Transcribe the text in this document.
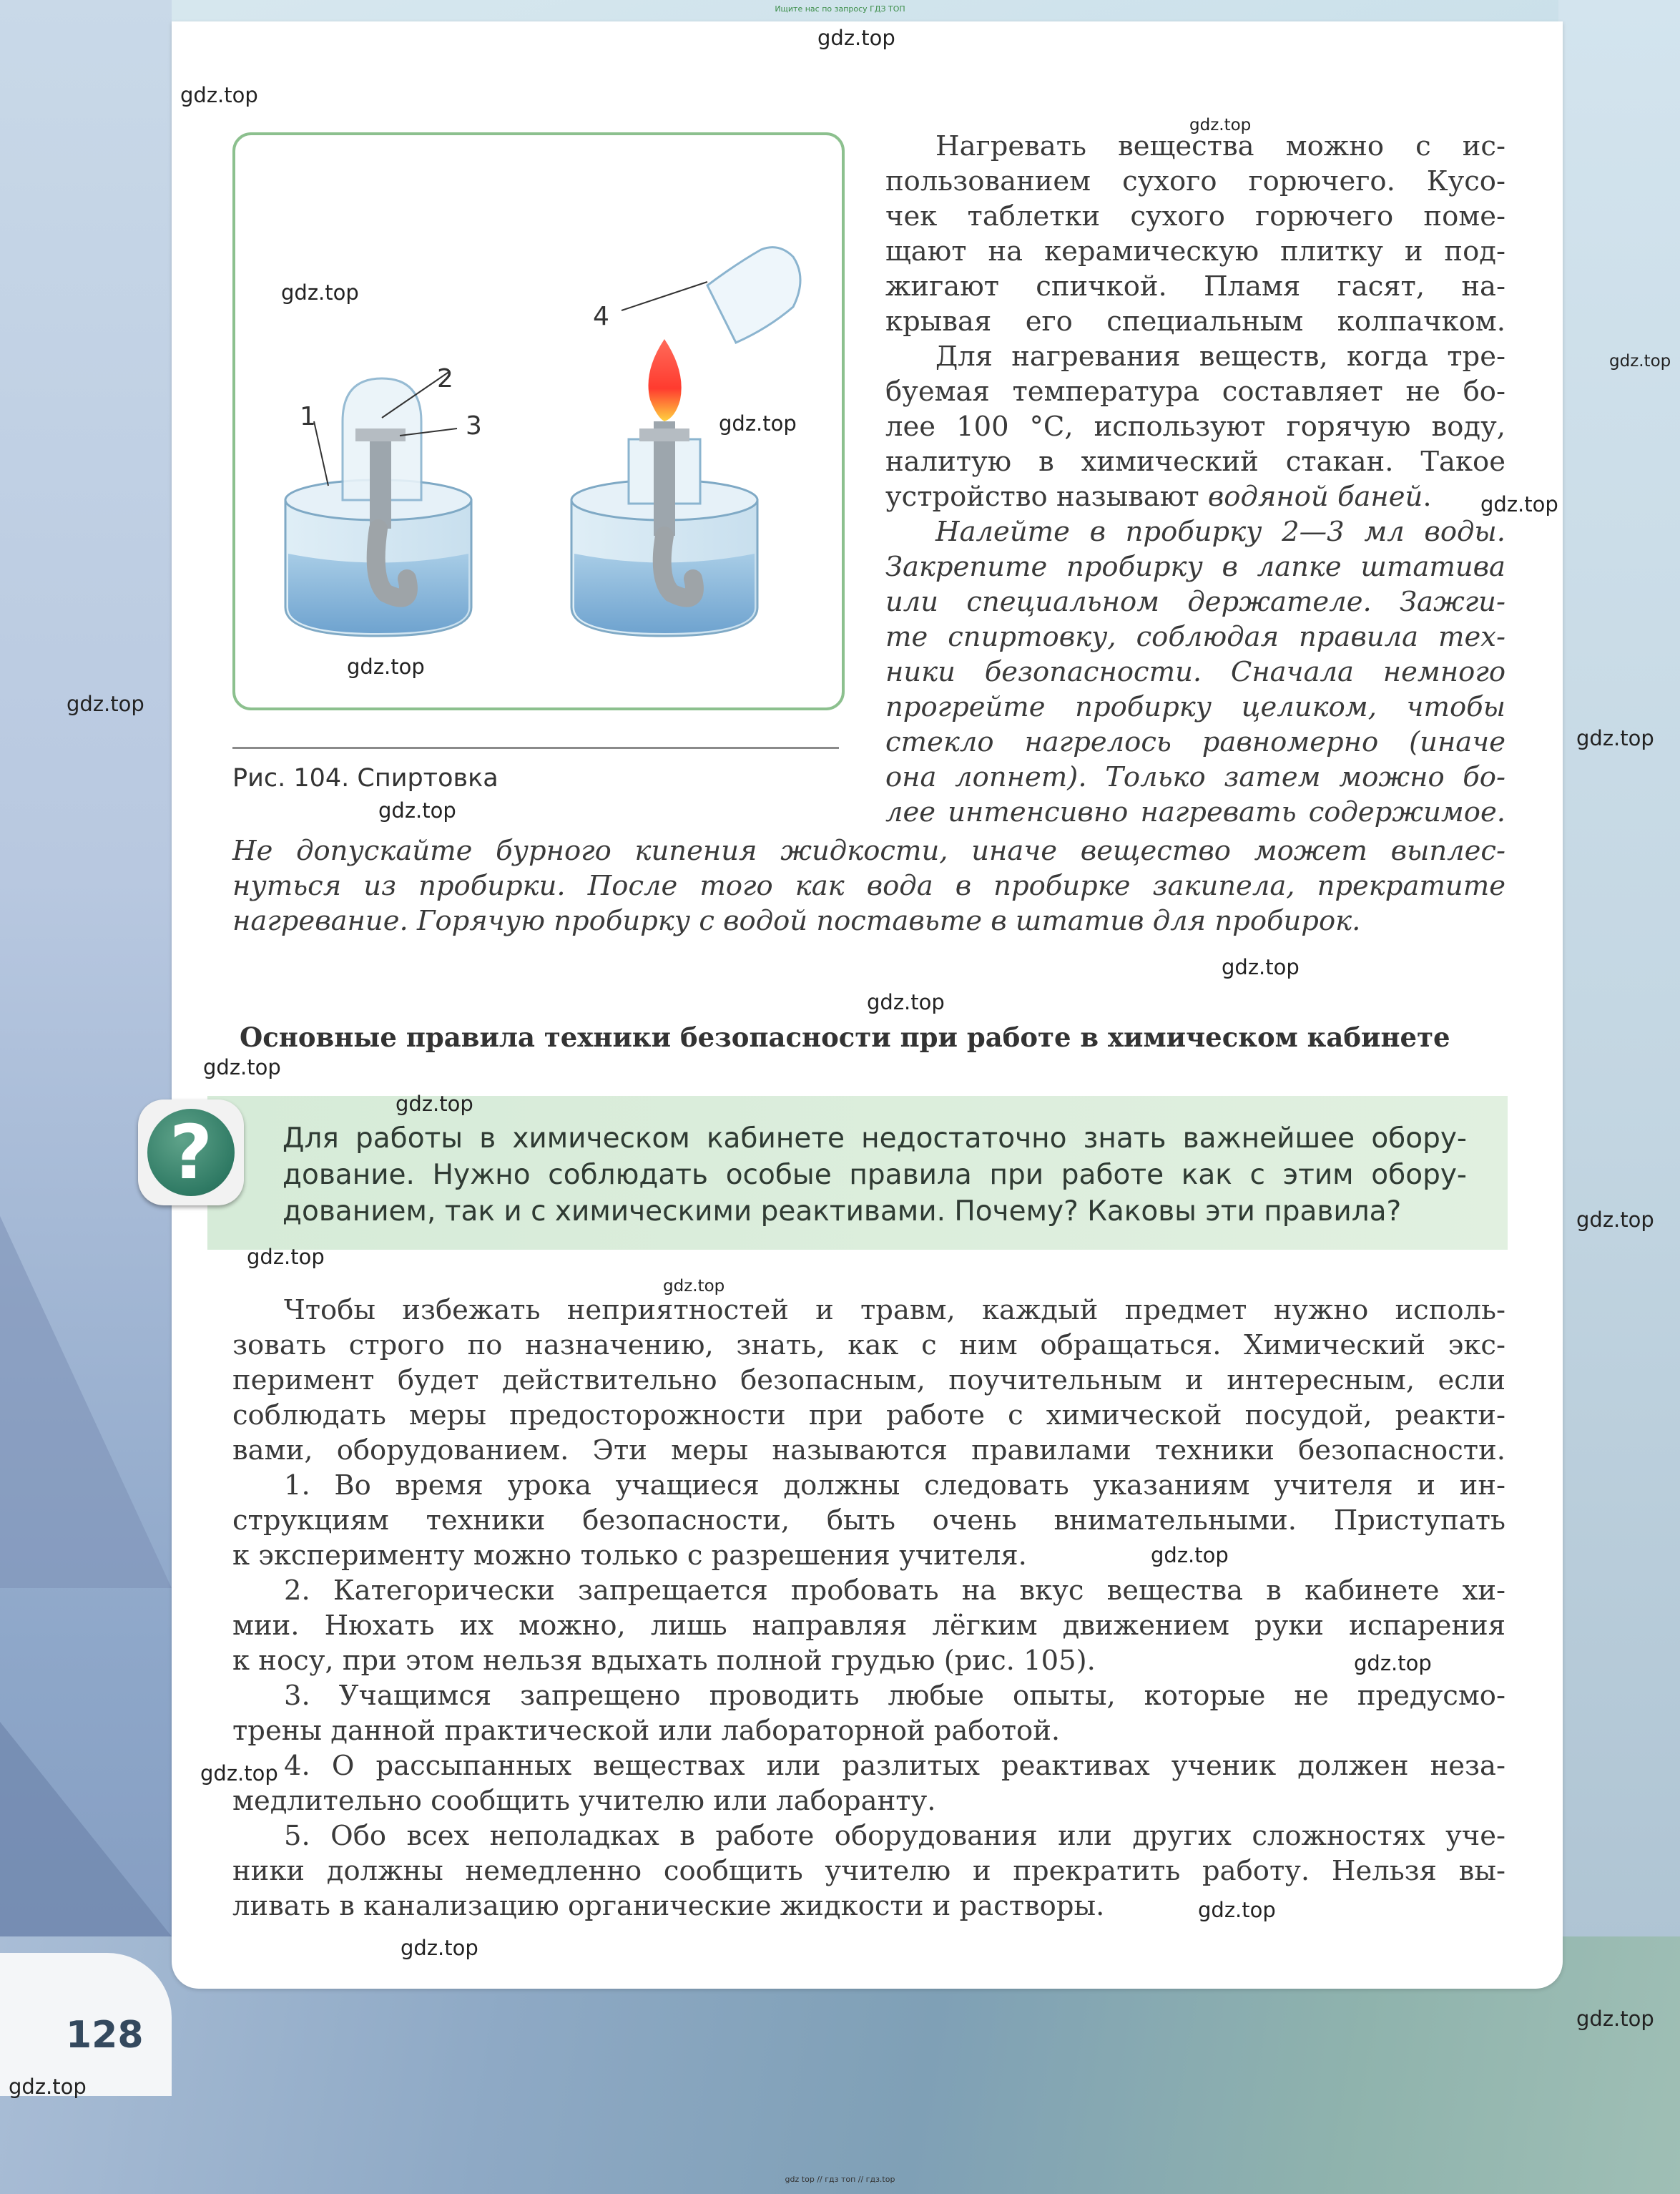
Ищите нас по запросу ГДЗ ТОП
1
2
3
4
Рис. 104. Спиртовка
Нагревать вещества можно с ис-
пользованием сухого горючего. Кусо-
чек таблетки сухого горючего поме-
щают на керамическую плитку и под-
жигают спичкой. Пламя гасят, на-
крывая его специальным колпачком.
Для нагревания веществ, когда тре-
буемая температура составляет не бо-
лее 100 °С, используют горячую воду,
налитую в химический стакан. Такое
устройство называют водяной баней.
Налейте в пробирку 2—3 мл воды.
Закрепите пробирку в лапке штатива
или специальном держателе. Зажги-
те спиртовку, соблюдая правила тех-
ники безопасности. Сначала немного
прогрейте пробирку целиком, чтобы
стекло нагрелось равномерно (иначе
она лопнет). Только затем можно бо-
лее интенсивно нагревать содержимое.
Не допускайте бурного кипения жидкости, иначе вещество может выплес-
нуться из пробирки. После того как вода в пробирке закипела, прекратите
нагревание. Горячую пробирку с водой поставьте в штатив для пробирок.
Основные правила техники безопасности при работе в химическом кабинете
?	Для работы в химическом кабинете недостаточно знать важнейшее обору-
дование. Нужно соблюдать особые правила при работе как с этим обору-
дованием, так и с химическими реактивами. Почему? Каковы эти правила?
Чтобы избежать неприятностей и травм, каждый предмет нужно исполь-
зовать строго по назначению, знать, как с ним обращаться. Химический экс-
перимент будет действительно безопасным, поучительным и интересным, если
соблюдать меры предосторожности при работе с химической посудой, реакти-
вами, оборудованием. Эти меры называются правилами техники безопасности.
1. Во время урока учащиеся должны следовать указаниям учителя и ин-
струкциям техники безопасности, быть очень внимательными. Приступать
к эксперименту можно только с разрешения учителя.
2. Категорически запрещается пробовать на вкус вещества в кабинете хи-
мии. Нюхать их можно, лишь направляя лёгким движением руки испарения
к носу, при этом нельзя вдыхать полной грудью (рис. 105).
3. Учащимся запрещено проводить любые опыты, которые не предусмо-
трены данной практической или лабораторной работой.
4. О рассыпанных веществах или разлитых реактивах ученик должен неза-
медлительно сообщить учителю или лаборанту.
5. Обо всех неполадках в работе оборудования или других сложностях уче-
ники должны немедленно сообщить учителю и прекратить работу. Нельзя вы-
ливать в канализацию органические жидкости и растворы.
128
gdz.top
gdz.top
gdz.top
gdz.top
gdz.top
gdz.top
gdz.top
gdz.top
gdz.top
gdz.top
gdz.top
gdz.top
gdz.top
gdz.top
gdz.top
gdz.top
gdz.top
gdz.top
gdz.top
gdz.top
gdz.top
gdz.top
gdz.top
gdz.top
gdz.top
gdz top // гдз топ // гдз.top
